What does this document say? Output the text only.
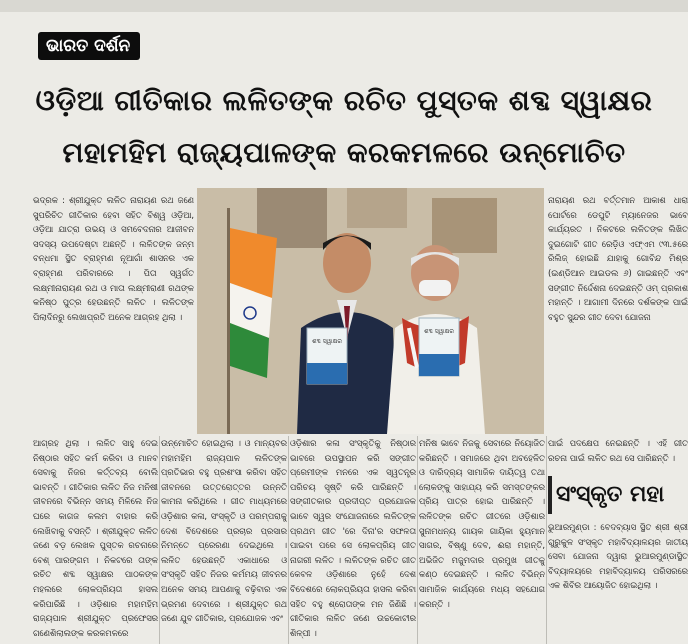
ଭାରତ ଦର୍ଶନ
ଓଡ଼ିଆ ଗୀତିକାର ଲଳିତଙ୍କ ରଚିତ ପୁସ୍ତକ ଶବ୍ଦ ସ୍ୱାକ୍ଷର
ମହାମହିମ ରାଜ୍ୟପାଳଙ୍କ କରକମଳରେ ଉନ୍ମୋଚିତ
ଶବ୍ଦ ସ୍ୱାକ୍ଷର
ଶବ୍ଦ ସ୍ୱାକ୍ଷର

ଭଦ୍ରକ : ଶ୍ରୀଯୁକ୍ତ ଲଳିତ ନାରାୟଣ ରଥ ଜଣେ ସୁପରିଚିତ ଗୀତିକାର ହେବା ସହିତ ବିଶ୍ୱ ଓଡ଼ିଆ, ଓଡ଼ିଆ ଯାତ୍ରା ଉଭୟ ଓ ସମବେଦନାର ଆଜୀବନ ସଦସ୍ୟ ଉପଦେଷ୍ଟା ଅଛନ୍ତି । ଲଳିତଙ୍କ ଜନ୍ମ ବନ୍ଧମା ସ୍ଥିତ ବ୍ରାହ୍ମଣ ନୂଆଗାଁ ଶାସନର ଏକ ବ୍ରାହ୍ମଣ ପରିବାରରେ । ପିତା ସ୍ୱର୍ଗତ ଲକ୍ଷ୍ମୀନାରାୟଣ ରଥ ଓ ମାତା ଲକ୍ଷ୍ମୀରାଣୀ ରଥଙ୍କ କନିଷ୍ଠ ପୁତ୍ର ହେଉଛନ୍ତି ଲଳିତ । ଲଳିତଙ୍କ ପିଲାଦିନରୁ ଲେଖାପ୍ରତି ଅନେକ ଆଗ୍ରହ ଥିଲା ।

ନାରାୟଣ ରଥ ବର୍ତ୍ତମାନ ଆକାଶ ଧାରା ପୋର୍ଟରେ ଡେପୁଟି ମ୍ୟାନେଜର ଭାବେ କାର୍ଯ୍ୟରତ । ନିକଟରେ ଲଳିତଙ୍କ ଲିଖିତ ଦୁଇଗୋଟି ଗୀତ ରେଡ଼ିଓ ଏଫ୍ଏମ ୯୩.୫ରେ ରିଲିଜ୍ ହୋଇଛି ଯାହାକୁ ଗୋବିନ୍ଦ ମିଶ୍ର (ଇଣ୍ଡିଆନ ଆଇଡଲ ୬) ଗାଇଛନ୍ତି ଏବଂ ସଙ୍ଗୀତ ନିର୍ଦ୍ଦେଶନା ଦେଇଛନ୍ତି ଓମ୍ ପ୍ରକାଶ ମହାନ୍ତି । ଆଗାମୀ ଦିନରେ ଦର୍ଶକଙ୍କ ପାଇଁ ବହୁତ ସୁନ୍ଦର ଗୀତ ଦେବା ଯୋଜନା

ଆଗ୍ରହ ଥିଲା । ଲଳିତ ସାହୁ ଦେଇ ନିଷ୍ଠାର ସହିତ କର୍ମ କରିବା ଓ ମାନବ ସେବାକୁ ନିଜର କର୍ତ୍ତବ୍ୟ ବୋଲି ଭାବନ୍ତି । ଗୀତିକାର ଲଳିତ ନିଜ ମନିଷୀ ଜୀବନରେ ବିଭିନ୍ନ ସମୟ ମିଳିଲେ ନିଜ ଘରେ କାଗଜ କଲମ ବାହାର କରି ଲେଖିବାକୁ ବସନ୍ତି । ଶ୍ରୀଯୁକ୍ତ ଲଳିତ ଜଣେ ବଡ଼ ଲେଖକ ପୁସ୍ତକ ରଚନାରେ ବେଶ୍ ପାରଙ୍ଗମ । ନିକଟରେ ତାଙ୍କ ରଚିତ ଶବ୍ଦ ସ୍ୱାକ୍ଷର ପାଠକଙ୍କ ମହଲରେ ଲୋକପ୍ରିୟତା ହାସଲ କରିପାରିଛି । ଓଡ଼ିଶାର ମହାମହିମ ରାଜ୍ୟପାଳ ଶ୍ରୀଯୁକ୍ତ ପ୍ରଫେସର ଗଣେଶିଲାଲଙ୍କ କରକମଳରେ

ଉନ୍ମୋଚିତ ହୋଇଥିଲା । ଓ ମାନ୍ୟବର ମହାମହିମ ରାଜ୍ୟପାଳ ଲଳିତଙ୍କ ପ୍ରତିଭାର ବହୁ ପ୍ରଶଂସା କରିବା ସହିତ ଜୀବନରେ ଉତ୍ତରୋତ୍ତର ଉନ୍ନତି କାମନା କରିଥିଲେ । ଗୀତ ମାଧ୍ୟମରେ ଓଡ଼ିଶାର କଳା, ସଂସ୍କୃତି ଓ ପରମ୍ପରାକୁ ଦେଶ ବିଦେଶରେ ପ୍ରଚାର ପ୍ରସାର ନିମନ୍ତେ ପ୍ରେରଣା ଦେଇଥିଲେ । ଲଳିତ ହେଉଛନ୍ତି ଏକାଧାରେ ଓ ସଂସ୍କୃତି ସହିତ ନିଜର କର୍ମମୟ ଜୀବନର ଅନେକ ସମୟ ଆପଣାକୁ ବଢ଼ିବାର ଏକ ଭ୍ରମଣ ଦେବାରେ । ଶ୍ରୀଯୁକ୍ତ ରଥ ଜଣେ ଯୁବ ଗୀତିକାର, ପ୍ରଯୋଜକ ଏବଂ

ଓଡ଼ିଶାର କଳା ସଂସ୍କୃତିକୁ ନିଷ୍ଠାର ଭାବରେ ଉପସ୍ଥାପନ କରି ସଙ୍ଗୀତ ପ୍ରେମୀଙ୍କ ମନରେ ଏକ ସ୍ୱତନ୍ତ୍ର ପରିଚୟ ସୃଷ୍ଟି କରି ପାରିଛନ୍ତି । ସଙ୍ଗୀତକାର ପ୍ରଦୀପ୍ତ ପ୍ରଯୋଜକ ଭାବେ ସ୍ୱର ସଂଯୋଜନାରେ ଲଳିତଙ୍କ ପ୍ରଥମ ଗୀତ 'ରେ ଦିନା'ର ସଫଳତା ପାଇବା ପରେ ସେ ଲୋକପ୍ରିୟ ଗୀତ ନାଗରୀ ଲଳିତ । ଲଳିତଙ୍କ ରଚିତ ଗୀତ କେବଳ ଓଡ଼ିଶାରେ ନୁହେଁ ଦେଶ ବିଦେଶରେ ଲୋକପ୍ରିୟତା ହାସଲ କରିବା ସହିତ ବହୁ ଶ୍ରୋତାଙ୍କ ମନ ଜିଣିଛି । ଗୀତିକାର ଲଳିତ ଜଣେ ଉଚ୍ଚକୋଟୀର ଶିଳ୍ପୀ ।

ମନିଷ ଭାବେ ନିଜକୁ ସେବାରେ ନିୟୋଜିତ କରିଛନ୍ତି । ସମାଜରେ ଥିବା ଅବହେଳିତ ଓ ଦାରିଦ୍ର୍ୟ ସାମାଜିକ ଦାୟିତ୍ୱ ତଥା ଲୋକଙ୍କୁ ସାହାଯ୍ୟ କରି ସମସ୍ତଙ୍କର ପ୍ରିୟ ପାତ୍ର ହୋଇ ପାରିଛନ୍ତି । ଲଳିତଙ୍କ ରଚିତ ଗୀତରେ ଓଡ଼ିଶାର ସୁନାମଧନ୍ୟ ଗାୟକ ଗାୟିକା ହ୍ୟୁମାନ ସାଗର, ବିଷ୍ଣୁ ଦେବ, ଈରା ମହାନ୍ତି, ଅଭିଜିତ ମଜୁମଦାର ପ୍ରମୁଖ ଗୀତକୁ କଣ୍ଠ ଦେଇଛନ୍ତି । ଲଳିତ ବିଭିନ୍ନ ସାମାଜିକ କାର୍ଯ୍ୟରେ ମଧ୍ୟ ସହଯୋଗ କରନ୍ତି ।

ପାଇଁ ପଦକ୍ଷେପ ନେଇଛନ୍ତି । ଏହି ଗୀତ ରଚନା ପାଇଁ ଲଳିତ ରଥ ସେ ପାରିଛନ୍ତି ।

ସଂସ୍କୃତ ମହା

ଭୁଆରମୁଣ୍ଡା : ବେଦବ୍ୟାସ ସ୍ଥିତ ଶ୍ରୀ ଶ୍ରୀ ଗୁରୁକୁଳ ସଂସ୍କୃତ ମହାବିଦ୍ୟାଳୟର ଜାତୀୟ ସେବା ଯୋଜନା ଦ୍ୱାରା ଭୁଆରମୁଣ୍ଡାସ୍ଥିତ ବିଦ୍ୟାଳୟରେ ମହାବିଦ୍ୟାଳୟ ପରିସରରେ ଏକ ଶିବିର ଆୟୋଜିତ ହୋଇଥିଲା ।
